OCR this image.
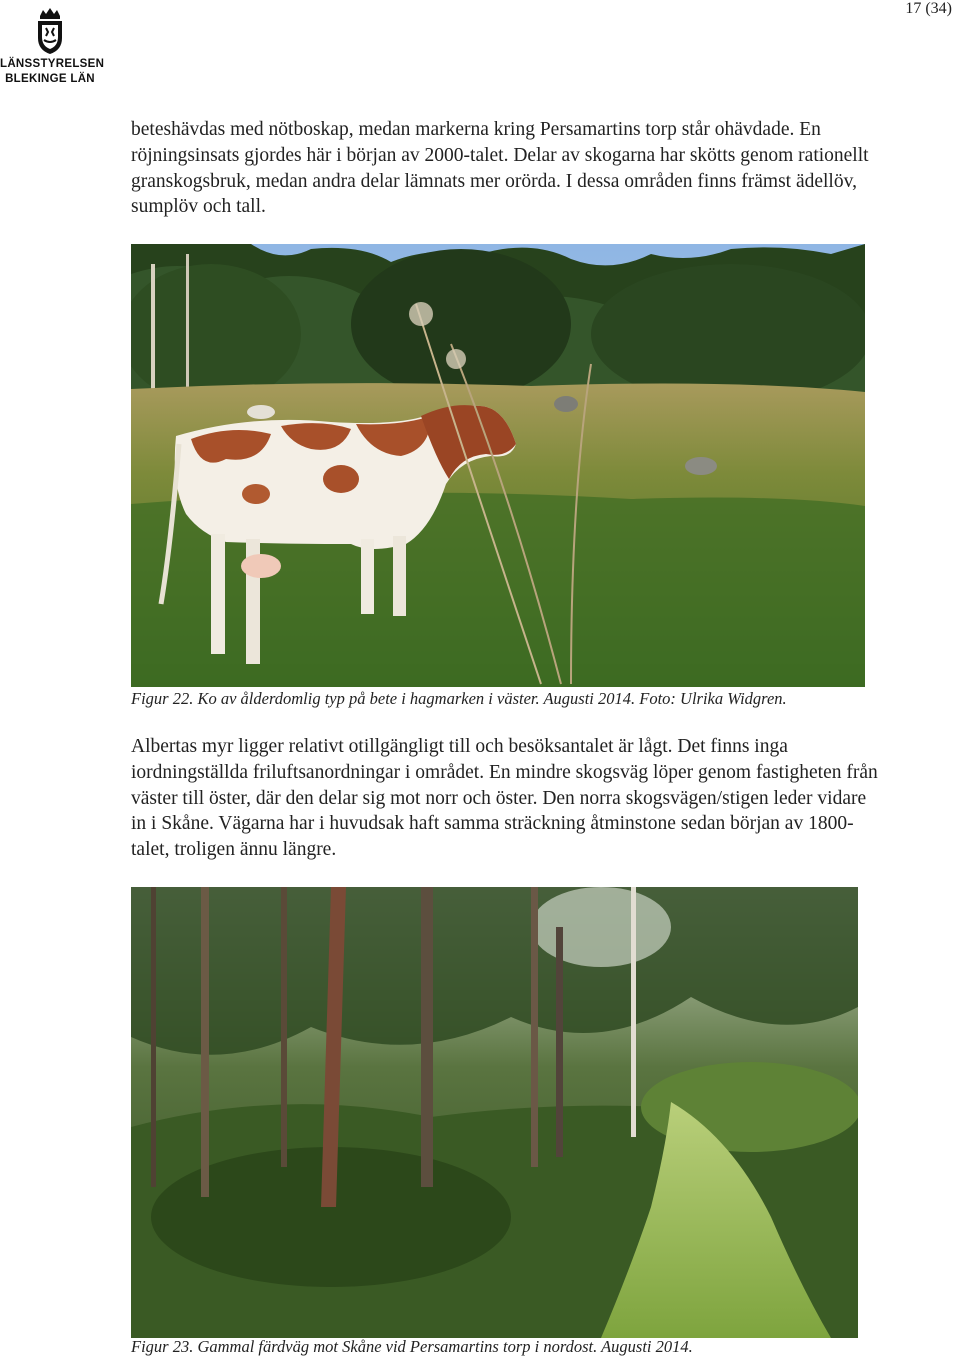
17 (34)
LÄNSSTYRELSEN
BLEKINGE LÄN
beteshävdas med nötboskap, medan markerna kring Persamartins torp står ohävdade. En röjningsinsats gjordes här i början av 2000-talet. Delar av skogarna har skötts genom rationellt granskogsbruk, medan andra delar lämnats mer orörda. I dessa områden finns främst ädellöv, sumplöv och tall.
Figur 22. Ko av ålderdomlig typ på bete i hagmarken i väster. Augusti 2014. Foto: Ulrika Widgren.
Albertas myr ligger relativt otillgängligt till och besöksantalet är lågt. Det finns inga iordningställda friluftsanordningar i området. En mindre skogsväg löper genom fastigheten från väster till öster, där den delar sig mot norr och öster. Den norra skogsvägen/stigen leder vidare in i Skåne. Vägarna har i huvudsak haft samma sträckning åtminstone sedan början av 1800-talet, troligen ännu längre.
Figur 23. Gammal färdväg mot Skåne vid Persamartins torp i nordost. Augusti 2014.
